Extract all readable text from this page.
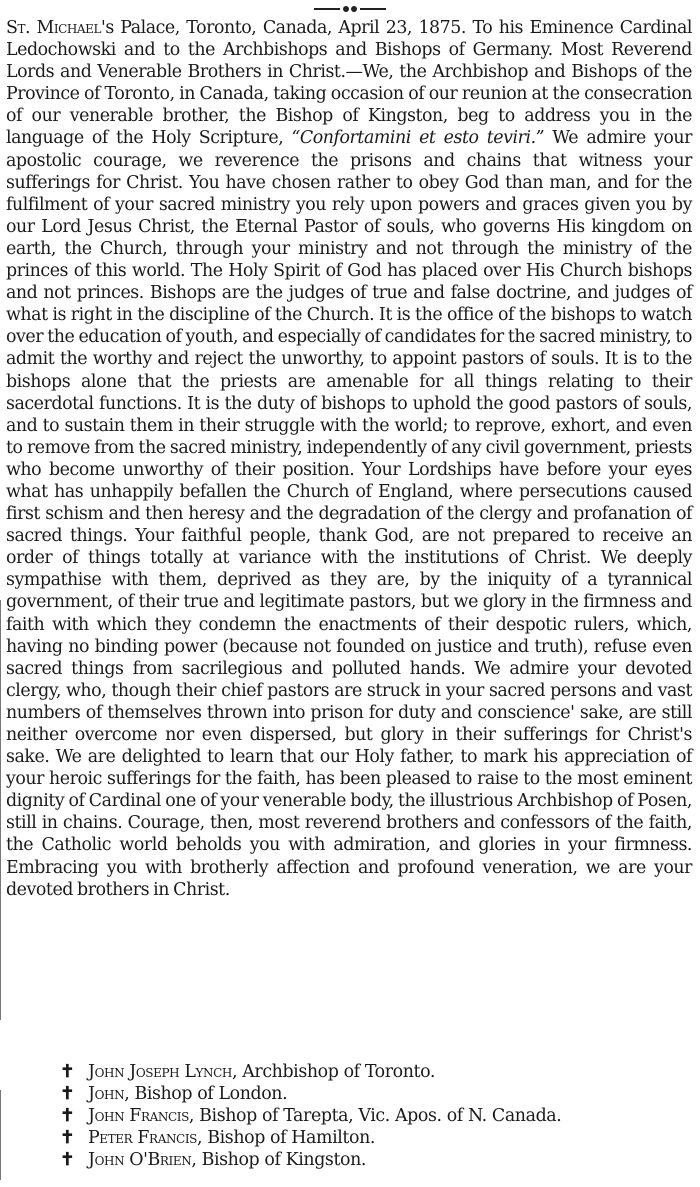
St. Michael's Palace, Toronto, Canada, April 23, 1875. To his Eminence Cardinal Ledochowski and to the Archbishops and Bishops of Germany. Most Reverend Lords and Venerable Brothers in Christ.—We, the Archbishop and Bishops of the Province of Toronto, in Canada, taking occasion of our reunion at the consecration of our venerable brother, the Bishop of Kingston, beg to address you in the language of the Holy Scripture, “Confortamini et esto teviri.” We admire your apostolic courage, we reverence the prisons and chains that witness your sufferings for Christ. You have chosen rather to obey God than man, and for the fulfilment of your sacred ministry you rely upon powers and graces given you by our Lord Jesus Christ, the Eternal Pastor of souls, who governs His kingdom on earth, the Church, through your ministry and not through the ministry of the princes of this world. The Holy Spirit of God has placed over His Church bishops and not princes. Bishops are the judges of true and false doctrine, and judges of what is right in the discipline of the Church. It is the office of the bishops to watch over the education of youth, and especially of candidates for the sacred ministry, to admit the worthy and reject the unworthy, to appoint pastors of souls. It is to the bishops alone that the priests are amenable for all things relating to their sacerdotal functions. It is the duty of bishops to uphold the good pastors of souls, and to sustain them in their struggle with the world; to reprove, exhort, and even to remove from the sacred ministry, independently of any civil government, priests who become unworthy of their position. Your Lordships have before your eyes what has unhappily befallen the Church of England, where persecutions caused first schism and then heresy and the degradation of the clergy and profanation of sacred things. Your faithful people, thank God, are not prepared to receive an order of things totally at variance with the institutions of Christ. We deeply sympathise with them, deprived as they are, by the iniquity of a tyrannical government, of their true and legitimate pastors, but we glory in the firmness and faith with which they condemn the enactments of their despotic rulers, which, having no binding power (because not founded on justice and truth), refuse even sacred things from sacrilegious and polluted hands. We admire your devoted clergy, who, though their chief pastors are struck in your sacred persons and vast numbers of themselves thrown into prison for duty and conscience' sake, are still neither overcome nor even dispersed, but glory in their sufferings for Christ's sake. We are delighted to learn that our Holy father, to mark his appreciation of your heroic sufferings for the faith, has been pleased to raise to the most eminent dignity of Cardinal one of your venerable body, the illustrious Archbishop of Posen, still in chains. Courage, then, most reverend brothers and confessors of the faith, the Catholic world beholds you with admiration, and glories in your firmness. Embracing you with brotherly affection and profound veneration, we are your devoted brothers in Christ.

✝ John Joseph Lynch, Archbishop of Toronto.
✝ John, Bishop of London.
✝ John Francis, Bishop of Tarepta, Vic. Apos. of N. Canada.
✝ Peter Francis, Bishop of Hamilton.
✝ John O'Brien, Bishop of Kingston.
